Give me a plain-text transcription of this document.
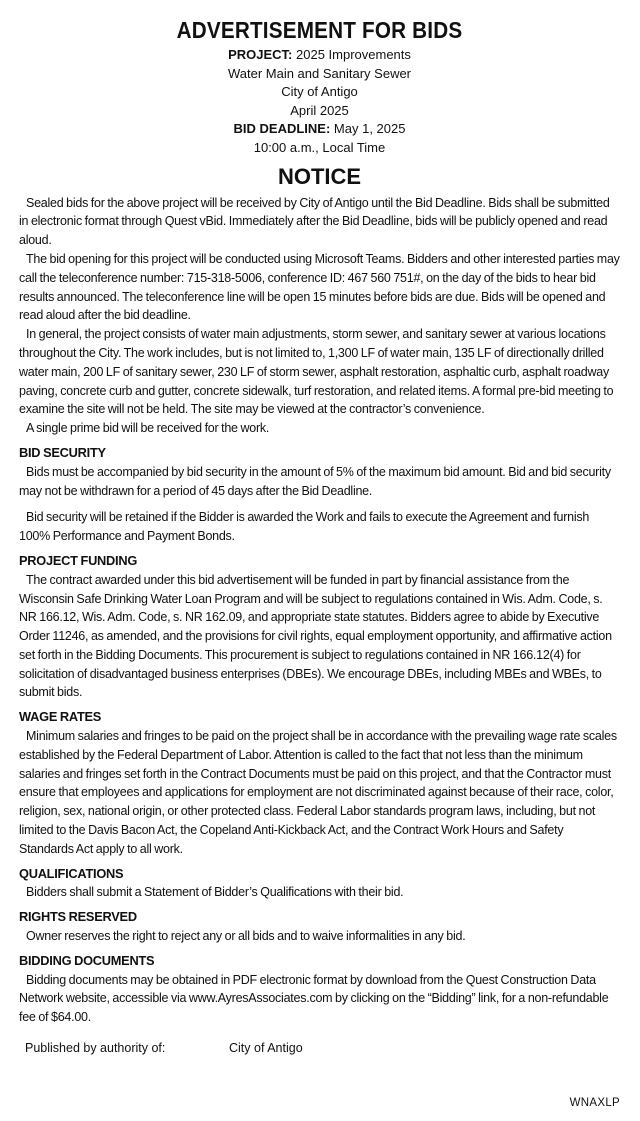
ADVERTISEMENT FOR BIDS
PROJECT: 2025 Improvements
Water Main and Sanitary Sewer
City of Antigo
April 2025
BID DEADLINE: May 1, 2025
10:00 a.m., Local Time
NOTICE

Sealed bids for the above project will be received by City of Antigo until the Bid Deadline. Bids shall be submitted in electronic format through Quest vBid. Immediately after the Bid Deadline, bids will be publicly opened and read aloud.

The bid opening for this project will be conducted using Microsoft Teams. Bidders and other interested parties may call the teleconference number: 715-318-5006, conference ID: 467 560 751#, on the day of the bids to hear bid results announced. The teleconference line will be open 15 minutes before bids are due. Bids will be opened and read aloud after the bid deadline.

In general, the project consists of water main adjustments, storm sewer, and sanitary sewer at various locations throughout the City. The work includes, but is not limited to, 1,300 LF of water main, 135 LF of directionally drilled water main, 200 LF of sanitary sewer, 230 LF of storm sewer, asphalt restoration, asphaltic curb, asphalt roadway paving, concrete curb and gutter, concrete sidewalk, turf restoration, and related items. A formal pre-bid meeting to examine the site will not be held. The site may be viewed at the contractor’s convenience.

A single prime bid will be received for the work.

BID SECURITY

Bids must be accompanied by bid security in the amount of 5% of the maximum bid amount. Bid and bid security may not be withdrawn for a period of 45 days after the Bid Deadline.

Bid security will be retained if the Bidder is awarded the Work and fails to execute the Agreement and furnish 100% Performance and Payment Bonds.

PROJECT FUNDING

The contract awarded under this bid advertisement will be funded in part by financial assistance from the Wisconsin Safe Drinking Water Loan Program and will be subject to regulations contained in Wis. Adm. Code, s. NR 166.12, Wis. Adm. Code, s. NR 162.09, and appropriate state statutes. Bidders agree to abide by Executive Order 11246, as amended, and the provisions for civil rights, equal employment opportunity, and affirmative action set forth in the Bidding Documents. This procurement is subject to regulations contained in NR 166.12(4) for solicitation of disadvantaged business enterprises (DBEs). We encourage DBEs, including MBEs and WBEs, to submit bids.

WAGE RATES

Minimum salaries and fringes to be paid on the project shall be in accordance with the prevailing wage rate scales established by the Federal Department of Labor. Attention is called to the fact that not less than the minimum salaries and fringes set forth in the Contract Documents must be paid on this project, and that the Contractor must ensure that employees and applications for employment are not discriminated against because of their race, color, religion, sex, national origin, or other protected class. Federal Labor standards program laws, including, but not limited to the Davis Bacon Act, the Copeland Anti-Kickback Act, and the Contract Work Hours and Safety Standards Act apply to all work.

QUALIFICATIONS

Bidders shall submit a Statement of Bidder’s Qualifications with their bid.

RIGHTS RESERVED

Owner reserves the right to reject any or all bids and to waive informalities in any bid.

BIDDING DOCUMENTS

Bidding documents may be obtained in PDF electronic format by download from the Quest Construction Data Network website, accessible via www.AyresAssociates.com by clicking on the “Bidding” link, for a non-refundable fee of $64.00.

Published by authority of:	City of Antigo
WNAXLP
